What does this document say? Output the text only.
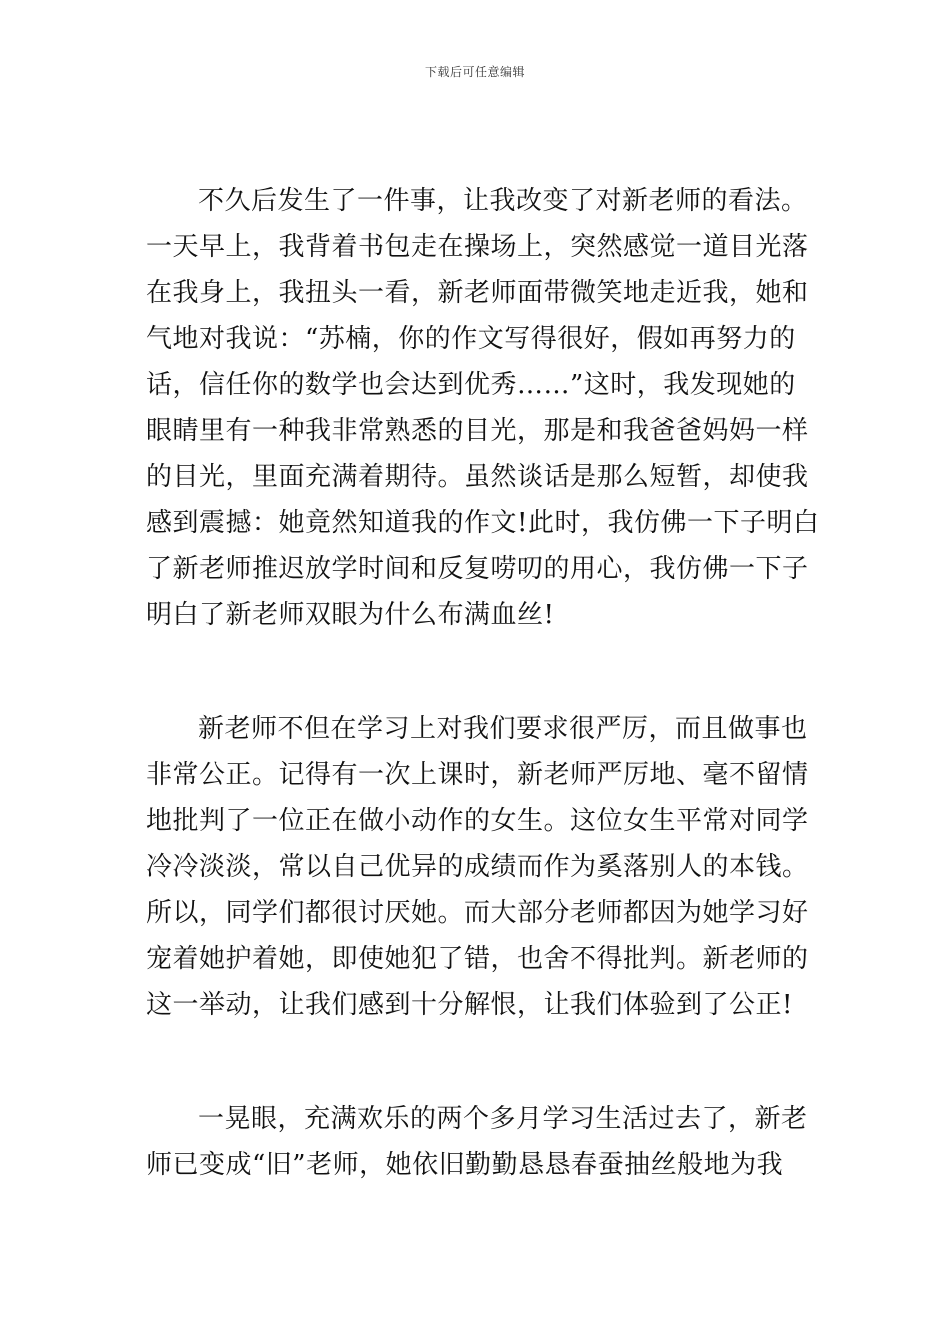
下载后可任意编辑
不久后发生了一件事，让我改变了对新老师的看法。
一天早上，我背着书包走在操场上，突然感觉一道目光落
在我身上，我扭头一看，新老师面带微笑地走近我，她和
气地对我说：“苏楠，你的作文写得很好，假如再努力的
话，信任你的数学也会达到优秀……”这时，我发现她的
眼睛里有一种我非常熟悉的目光，那是和我爸爸妈妈一样
的目光，里面充满着期待。虽然谈话是那么短暂，却使我
感到震撼：她竟然知道我的作文!此时，我仿佛一下子明白
了新老师推迟放学时间和反复唠叨的用心，我仿佛一下子
明白了新老师双眼为什么布满血丝!
新老师不但在学习上对我们要求很严厉，而且做事也
非常公正。记得有一次上课时，新老师严厉地、毫不留情
地批判了一位正在做小动作的女生。这位女生平常对同学
冷冷淡淡，常以自己优异的成绩而作为奚落别人的本钱。
所以，同学们都很讨厌她。而大部分老师都因为她学习好
宠着她护着她，即使她犯了错，也舍不得批判。新老师的
这一举动，让我们感到十分解恨，让我们体验到了公正!
一晃眼，充满欢乐的两个多月学习生活过去了，新老
师已变成“旧”老师，她依旧勤勤恳恳春蚕抽丝般地为我
